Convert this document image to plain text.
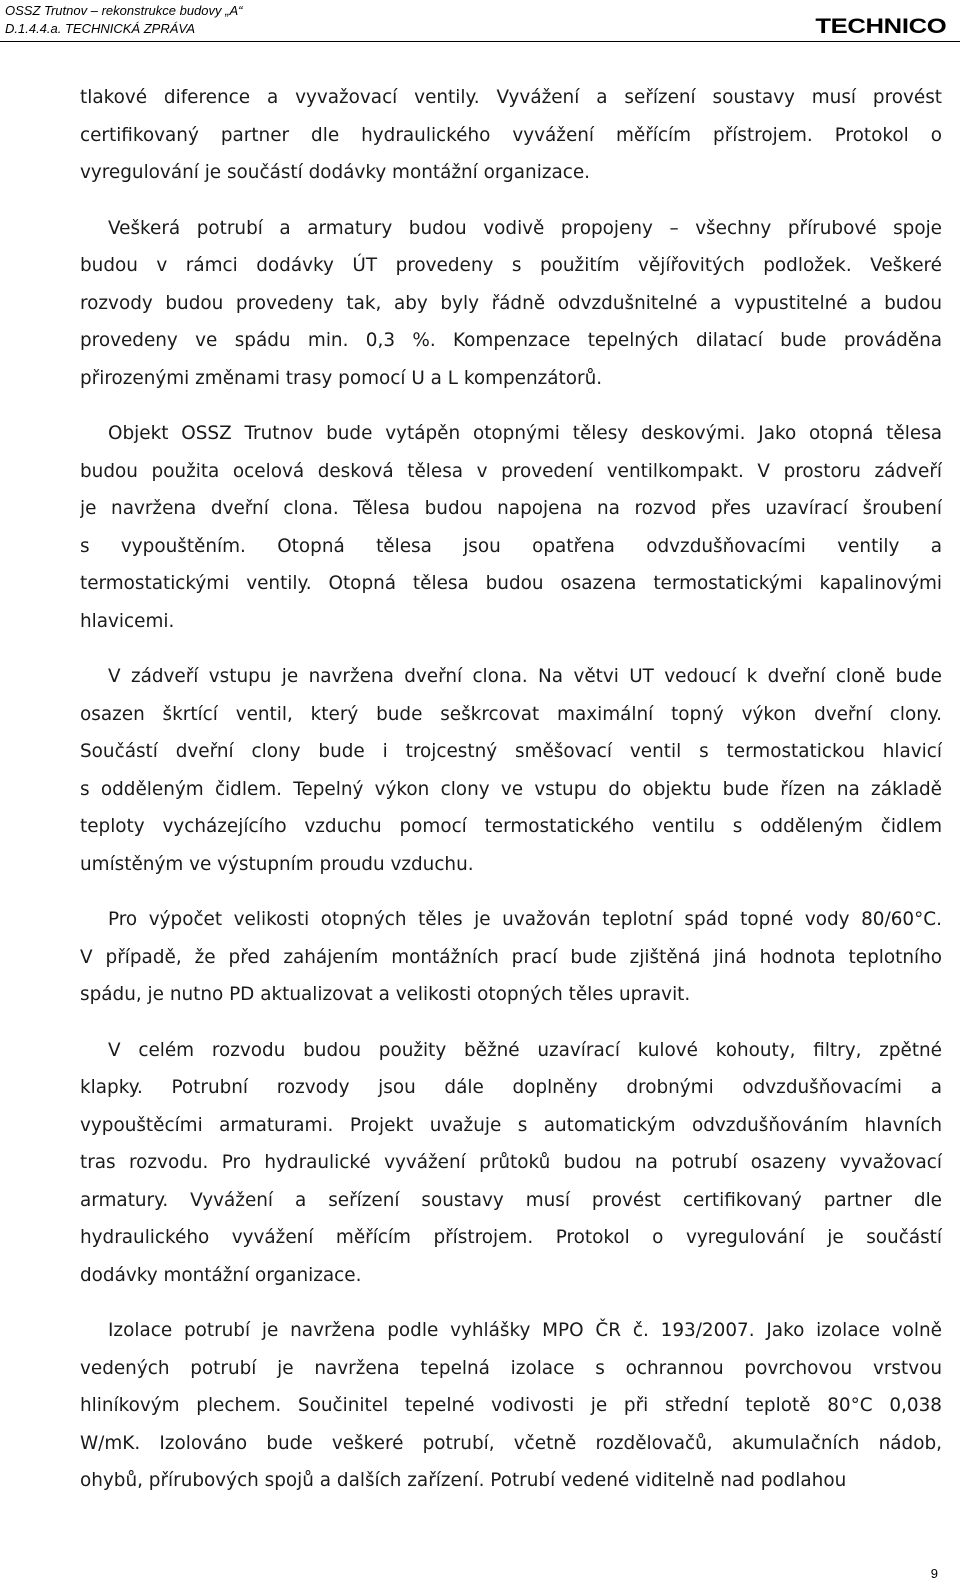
OSSZ Trutnov – rekonstrukce budovy „A“
D.1.4.4.a. TECHNICKÁ ZPRÁVA	TECHNICO
tlakové diference a vyvažovací ventily. Vyvážení a seřízení soustavy musí provést
certifikovaný partner dle hydraulického vyvážení měřícím přístrojem. Protokol o
vyregulování je součástí dodávky montážní organizace.
Veškerá potrubí a armatury budou vodivě propojeny – všechny přírubové spoje
budou v rámci dodávky ÚT provedeny s použitím vějířovitých podložek. Veškeré
rozvody budou provedeny tak, aby byly řádně odvzdušnitelné a vypustitelné a budou
provedeny ve spádu min. 0,3 %. Kompenzace tepelných dilatací bude prováděna
přirozenými změnami trasy pomocí U a L kompenzátorů.
Objekt OSSZ Trutnov bude vytápěn otopnými tělesy deskovými. Jako otopná tělesa
budou použita ocelová desková tělesa v provedení ventilkompakt. V prostoru zádveří
je navržena dveřní clona. Tělesa budou napojena na rozvod přes uzavírací šroubení
s vypouštěním. Otopná tělesa jsou opatřena odvzdušňovacími ventily a
termostatickými ventily. Otopná tělesa budou osazena termostatickými kapalinovými
hlavicemi.
V zádveří vstupu je navržena dveřní clona. Na větvi UT vedoucí k dveřní cloně bude
osazen škrtící ventil, který bude seškrcovat maximální topný výkon dveřní clony.
Součástí dveřní clony bude i trojcestný směšovací ventil s termostatickou hlavicí
s odděleným čidlem. Tepelný výkon clony ve vstupu do objektu bude řízen na základě
teploty vycházejícího vzduchu pomocí termostatického ventilu s odděleným čidlem
umístěným ve výstupním proudu vzduchu.
Pro výpočet velikosti otopných těles je uvažován teplotní spád topné vody 80/60°C.
V případě, že před zahájením montážních prací bude zjištěná jiná hodnota teplotního
spádu, je nutno PD aktualizovat a velikosti otopných těles upravit.
V celém rozvodu budou použity běžné uzavírací kulové kohouty, filtry, zpětné
klapky. Potrubní rozvody jsou dále doplněny drobnými odvzdušňovacími a
vypouštěcími armaturami. Projekt uvažuje s automatickým odvzdušňováním hlavních
tras rozvodu. Pro hydraulické vyvážení průtoků budou na potrubí osazeny vyvažovací
armatury. Vyvážení a seřízení soustavy musí provést certifikovaný partner dle
hydraulického vyvážení měřícím přístrojem. Protokol o vyregulování je součástí
dodávky montážní organizace.
Izolace potrubí je navržena podle vyhlášky MPO ČR č. 193/2007. Jako izolace volně
vedených potrubí je navržena tepelná izolace s ochrannou povrchovou vrstvou
hliníkovým plechem. Součinitel tepelné vodivosti je při střední teplotě 80°C 0,038
W/mK. Izolováno bude veškeré potrubí, včetně rozdělovačů, akumulačních nádob,
ohybů, přírubových spojů a dalších zařízení. Potrubí vedené viditelně nad podlahou
9
